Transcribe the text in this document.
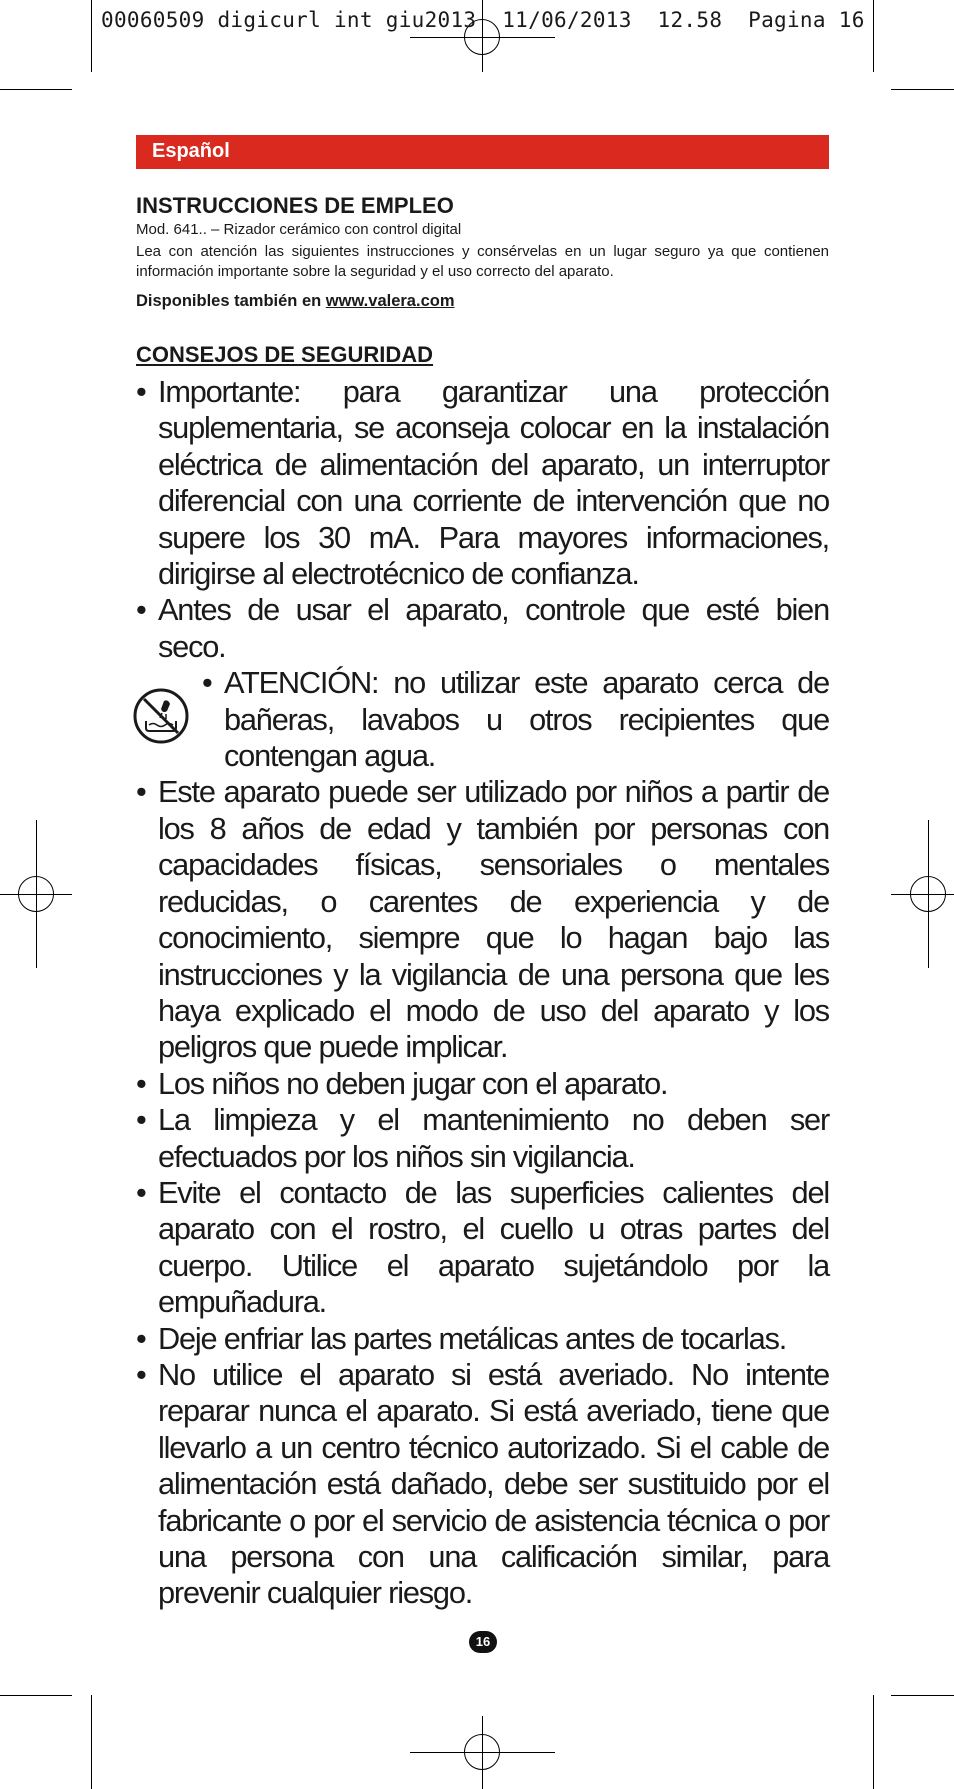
00060509 digicurl int giu2013  11/06/2013  12.58  Pagina 16
Español
INSTRUCCIONES DE EMPLEO
Mod. 641.. – Rizador cerámico con control digital
Lea con atención las siguientes instrucciones y consérvelas en un lugar seguro ya que contienen información importante sobre la seguridad y el uso correcto del aparato.
Disponibles también en www.valera.com
CONSEJOS DE SEGURIDAD
• Importante: para garantizar una protección suplementaria, se aconseja colocar en la instalación eléctrica de alimentación del aparato, un interruptor diferencial con una corriente de intervención que no supere los 30 mA. Para mayores informaciones, dirigirse al electrotécnico de confianza.
• Antes de usar el aparato, controle que esté bien seco.
• ATENCIÓN: no utilizar este aparato cerca de bañeras, lavabos u otros recipientes que contengan agua.
• Este aparato puede ser utilizado por niños a partir de los 8 años de edad y también por personas con capacidades físicas, sensoriales o mentales reducidas, o carentes de experiencia y de conocimiento, siempre que lo hagan bajo las instrucciones y la vigilancia de una persona que les haya explicado el modo de uso del aparato y los peligros que puede implicar.
• Los niños no deben jugar con el aparato.
• La limpieza y el mantenimiento no deben ser efectuados por los niños sin vigilancia.
• Evite el contacto de las superficies calientes del aparato con el rostro, el cuello u otras partes del cuerpo. Utilice el aparato sujetándolo por la empuñadura.
• Deje enfriar las partes metálicas antes de tocarlas.
• No utilice el aparato si está averiado. No intente reparar nunca el aparato. Si está averiado, tiene que llevarlo a un centro técnico autorizado. Si el cable de alimentación está dañado, debe ser sustituido por el fabricante o por el servicio de asistencia técnica o por una persona con una calificación similar, para prevenir cualquier riesgo.
16
